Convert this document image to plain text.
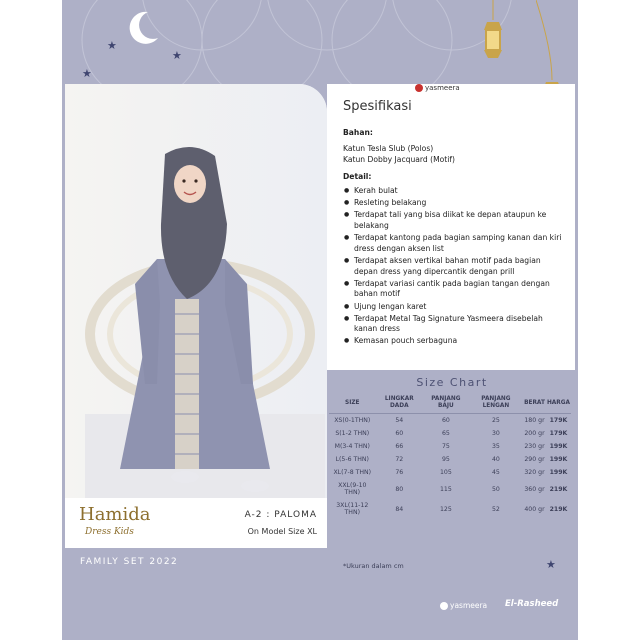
★
★
★
★
Hamida
Dress Kids
A-2 : PALOMA
On Model Size XL
FAMILY SET 2022
yasmeera
Spesifikasi
Bahan:
Katun Tesla Slub (Polos)
Katun Dobby Jacquard (Motif)
Detail:
● Kerah bulat
● Resleting belakang
● Terdapat tali yang bisa diikat ke depan ataupun ke belakang
● Terdapat kantong pada bagian samping kanan dan kiri dress dengan aksen list
● Terdapat aksen vertikal bahan motif pada bagian depan dress yang dipercantik dengan prill
● Terdapat variasi cantik pada bagian tangan dengan bahan motif
● Ujung lengan karet
● Terdapat Metal Tag Signature Yasmeera disebelah kanan dress
● Kemasan pouch serbaguna
Size Chart
SIZE	LINGKAR DADA	PANJANG BAJU	PANJANG LENGAN	BERAT	HARGA
XS(0-1THN)	54	60	25	180 gr	179K
S(1-2 THN)	60	65	30	200 gr	179K
M(3-4 THN)	66	75	35	230 gr	199K
L(5-6 THN)	72	95	40	290 gr	199K
XL(7-8 THN)	76	105	45	320 gr	199K
XXL(9-10 THN)	80	115	50	360 gr	219K
3XL(11-12 THN)	84	125	52	400 gr	219K
*Ukuran dalam cm
yasmeera El-Rasheed
